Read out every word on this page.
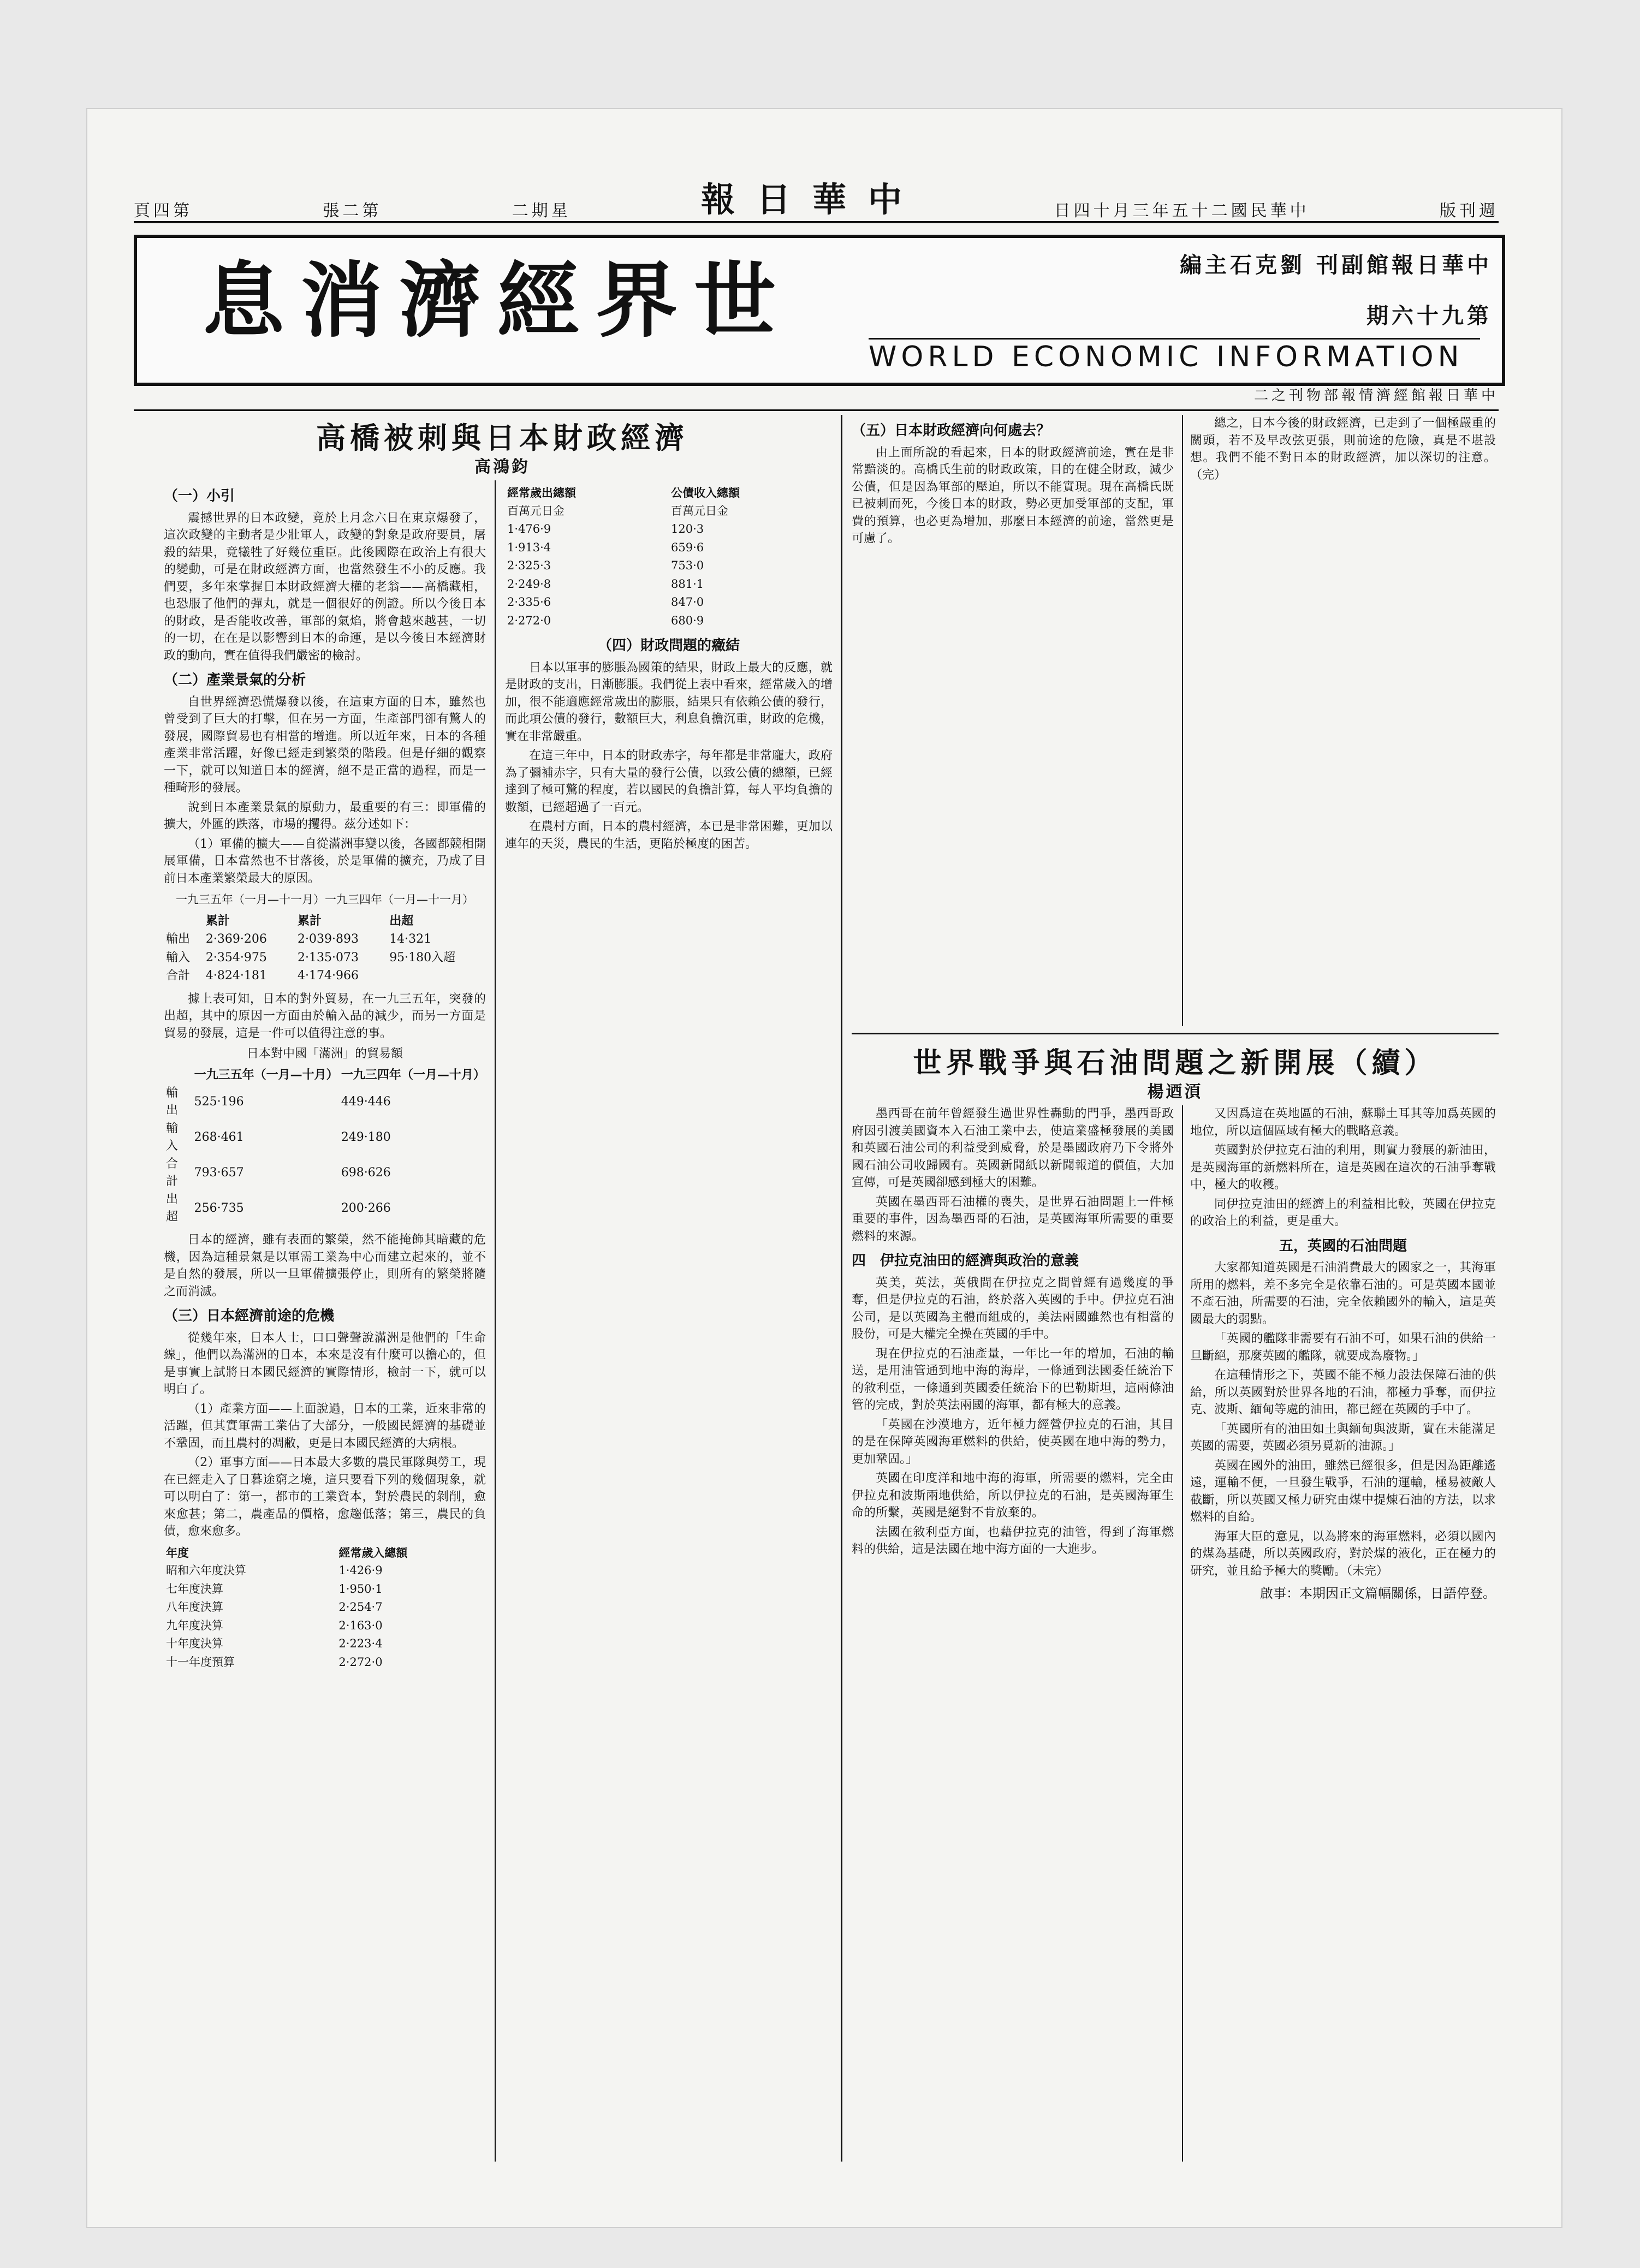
頁四第	張二第	二期星	報日華中	日四十月三年五十二國民華中	版刊週
息消濟經界世	編主石克劉 刊副館報日華中
期六十九第
WORLD ECONOMIC INFORMATION
二之刊物部報情濟經館報日華中
高橋被刺與日本財政經濟
高鴻鈞
（一）小引

震撼世界的日本政變，竟於上月念六日在東京爆發了，這次政變的主動者是少壯軍人，政變的對象是政府要員，屠殺的結果，竟犧牲了好幾位重臣。此後國際在政治上有很大的變動，可是在財政經濟方面，也當然發生不小的反應。我們要，多年來掌握日本財政經濟大權的老翁——高橋藏相，也恐服了他們的彈丸，就是一個很好的例證。所以今後日本的財政，是否能收改善，軍部的氣焰，將會越來越甚，一切的一切，在在是以影響到日本的命運，是以今後日本經濟財政的動向，實在值得我們嚴密的檢討。

（二）產業景氣的分析

自世界經濟恐慌爆發以後，在這東方面的日本，雖然也曾受到了巨大的打擊，但在另一方面，生產部門卻有驚人的發展，國際貿易也有相當的增進。所以近年來，日本的各種產業非常活躍，好像已經走到繁榮的階段。但是仔細的觀察一下，就可以知道日本的經濟，絕不是正當的過程，而是一種畸形的發展。

說到日本產業景氣的原動力，最重要的有三：即軍備的擴大，外匯的跌落，市場的攫得。茲分述如下：

（1）軍備的擴大——自從滿洲事變以後，各國都競相開展軍備，日本當然也不甘落後，於是軍備的擴充，乃成了目前日本產業繁榮最大的原因。

一九三五年（一月—十一月）一九三四年（一月—十一月）
	累計	累計	出超
輸出	2·369·206	2·039·893	14·321
輸入	2·354·975	2·135·073	95·180入超
合計	4·824·181	4·174·966	

據上表可知，日本的對外貿易，在一九三五年，突發的出超，其中的原因一方面由於輸入品的減少，而另一方面是貿易的發展，這是一件可以值得注意的事。

日本對中國「滿洲」的貿易額
	一九三五年（一月—十月）	一九三四年（一月—十月）
輸出	525·196	449·446
輸入	268·461	249·180
合計	793·657	698·626
出超	256·735	200·266

日本的經濟，雖有表面的繁榮，然不能掩飾其暗藏的危機，因為這種景氣是以軍需工業為中心而建立起來的，並不是自然的發展，所以一旦軍備擴張停止，則所有的繁榮將隨之而消滅。

（三）日本經濟前途的危機

從幾年來，日本人士，口口聲聲說滿洲是他們的「生命線」，他們以為滿洲的日本，本來是沒有什麼可以擔心的，但是事實上試將日本國民經濟的實際情形，檢討一下，就可以明白了。

（1）產業方面——上面說過，日本的工業，近來非常的活躍，但其實軍需工業佔了大部分，一般國民經濟的基礎並不鞏固，而且農村的凋敝，更是日本國民經濟的大病根。

（2）軍事方面——日本最大多數的農民軍隊與勞工，現在已經走入了日暮途窮之境，這只要看下列的幾個現象，就可以明白了：第一，都市的工業資本，對於農民的剝削，愈來愈甚；第二，農產品的價格，愈趨低落；第三，農民的負債，愈來愈多。

年度	經常歲入總額
昭和六年度決算	1·426·9
七年度決算	1·950·1
八年度決算	2·254·7
九年度決算	2·163·0
十年度決算	2·223·4
十一年度預算	2·272·0
經常歲出總額	公債收入總額
百萬元日金	百萬元日金
1·476·9	120·3
1·913·4	659·6
2·325·3	753·0
2·249·8	881·1
2·335·6	847·0
2·272·0	680·9
（四）財政問題的癥結

日本以軍事的膨脹為國策的結果，財政上最大的反應，就是財政的支出，日漸膨脹。我們從上表中看來，經常歲入的增加，很不能適應經常歲出的膨脹，結果只有依賴公債的發行，而此項公債的發行，數額巨大，利息負擔沉重，財政的危機，實在非常嚴重。

在這三年中，日本的財政赤字，每年都是非常龐大，政府為了彌補赤字，只有大量的發行公債，以致公債的總額，已經達到了極可驚的程度，若以國民的負擔計算，每人平均負擔的數額，已經超過了一百元。

在農村方面，日本的農村經濟，本已是非常困難，更加以連年的天災，農民的生活，更陷於極度的困苦。

（五）日本財政經濟向何處去？

由上面所說的看起來，日本的財政經濟前途，實在是非常黯淡的。高橋氏生前的財政政策，目的在健全財政，減少公債，但是因為軍部的壓迫，所以不能實現。現在高橋氏既已被刺而死，今後日本的財政，勢必更加受軍部的支配，軍費的預算，也必更為增加，那麼日本經濟的前途，當然更是可慮了。

總之，日本今後的財政經濟，已走到了一個極嚴重的關頭，若不及早改弦更張，則前途的危險，真是不堪設想。我們不能不對日本的財政經濟，加以深切的注意。（完）

世界戰爭與石油問題之新開展（續）
楊迺湏

墨西哥在前年曾經發生過世界性轟動的門爭，墨西哥政府因引渡美國資本入石油工業中去，使這業盛極發展的美國和英國石油公司的利益受到威脅，於是墨國政府乃下令將外國石油公司收歸國有。英國新聞紙以新聞報道的價值，大加宣傳，可是英國卻感到極大的困難。

英國在墨西哥石油權的喪失，是世界石油問題上一件極重要的事件，因為墨西哥的石油，是英國海軍所需要的重要燃料的來源。

四　伊拉克油田的經濟與政治的意義

英美，英法，英俄間在伊拉克之間曾經有過幾度的爭奪，但是伊拉克的石油，終於落入英國的手中。伊拉克石油公司，是以英國為主體而組成的，美法兩國雖然也有相當的股份，可是大權完全操在英國的手中。

現在伊拉克的石油產量，一年比一年的增加，石油的輸送，是用油管通到地中海的海岸，一條通到法國委任統治下的敘利亞，一條通到英國委任統治下的巴勒斯坦，這兩條油管的完成，對於英法兩國的海軍，都有極大的意義。

「英國在沙漠地方，近年極力經營伊拉克的石油，其目的是在保障英國海軍燃料的供給，使英國在地中海的勢力，更加鞏固。」

英國在印度洋和地中海的海軍，所需要的燃料，完全由伊拉克和波斯兩地供給，所以伊拉克的石油，是英國海軍生命的所繫，英國是絕對不肯放棄的。

法國在敘利亞方面，也藉伊拉克的油管，得到了海軍燃料的供給，這是法國在地中海方面的一大進步。

又因爲這在英地區的石油，蘇聯土耳其等加爲英國的地位，所以這個區域有極大的戰略意義。

英國對於伊拉克石油的利用，則實力發展的新油田，是英國海軍的新燃料所在，這是英國在這次的石油爭奪戰中，極大的收穫。

同伊拉克油田的經濟上的利益相比較，英國在伊拉克的政治上的利益，更是重大。

五，英國的石油問題

大家都知道英國是石油消費最大的國家之一，其海軍所用的燃料，差不多完全是依靠石油的。可是英國本國並不產石油，所需要的石油，完全依賴國外的輸入，這是英國最大的弱點。

「英國的艦隊非需要有石油不可，如果石油的供給一旦斷絕，那麼英國的艦隊，就要成為廢物。」

在這種情形之下，英國不能不極力設法保障石油的供給，所以英國對於世界各地的石油，都極力爭奪，而伊拉克、波斯、緬甸等處的油田，都已經在英國的手中了。

「英國所有的油田如土與緬甸與波斯，實在未能滿足英國的需要，英國必須另覓新的油源。」

英國在國外的油田，雖然已經很多，但是因為距離遙遠，運輸不便，一旦發生戰爭，石油的運輸，極易被敵人截斷，所以英國又極力研究由煤中提煉石油的方法，以求燃料的自給。

海軍大臣的意見，以為將來的海軍燃料，必須以國內的煤為基礎，所以英國政府，對於煤的液化，正在極力的研究，並且給予極大的獎勵。（未完）

啟事：本期因正文篇幅關係，日語停登。
